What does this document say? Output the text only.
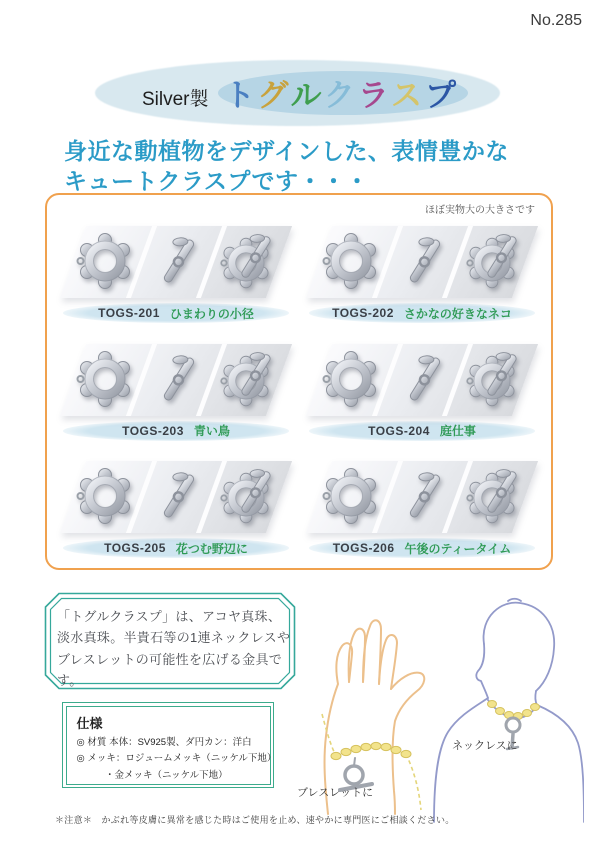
No.285
Silver製 トグルクラスプ
身近な動植物をデザインした、表情豊かな
キュートクラスプです・・・
ほぼ実物大の大きさです
TOGS-201 ひまわりの小径	TOGS-202 さかなの好きなネコ
TOGS-203 青い鳥	TOGS-204 庭仕事
TOGS-205 花つむ野辺に	TOGS-206 午後のティータイム
「トグルクラスプ」は、アコヤ真珠、
淡水真珠。半貴石等の1連ネックレスや
ブレスレットの可能性を広げる金具です。
仕様
◎ 材質 本体：SV925製、ダ円カン：洋白
◎ メッキ：ロジュームメッキ（ニッケル下地）
　　　・金メッキ（ニッケル下地）
ブレスレットに
ネックレスに
＊注意＊　かぶれ等皮膚に異常を感じた時はご使用を止め、速やかに専門医にご相談ください。
